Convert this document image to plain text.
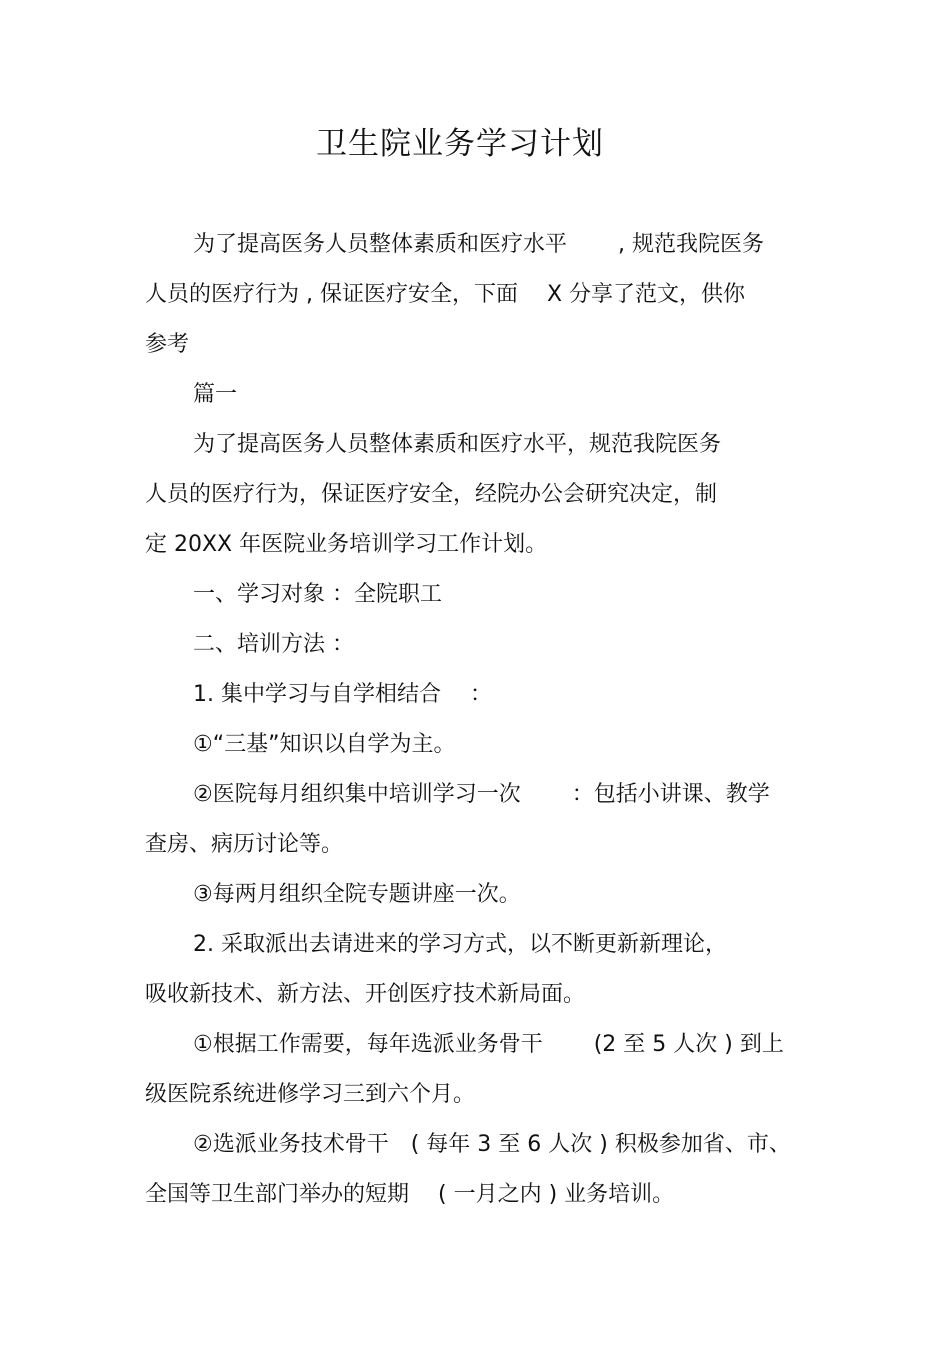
卫生院业务学习计划
为了提高医务人员整体素质和医疗水平　　 , 规范我院医务
人员的医疗行为 , 保证医疗安全，下面　 X 分享了范文，供你
参考
篇一
为了提高医务人员整体素质和医疗水平，规范我院医务
人员的医疗行为，保证医疗安全，经院办公会研究决定，制
定 20XX 年医院业务培训学习工作计划。
一、学习对象 ：全院职工
二、培训方法 ：
1. 集中学习与自学相结合　 ：
①“三基”知识以自学为主。
②医院每月组织集中培训学习一次　　 ：包括小讲课、教学
查房、病历讨论等。
③每两月组织全院专题讲座一次。
2. 采取派出去请进来的学习方式，以不断更新新理论，
吸收新技术、新方法、开创医疗技术新局面。
①根据工作需要，每年选派业务骨干　　 (2 至 5 人次 ) 到上
级医院系统进修学习三到六个月。
②选派业务技术骨干　( 每年 3 至 6 人次 ) 积极参加省、市、
全国等卫生部门举办的短期　 ( 一月之内 ) 业务培训。
